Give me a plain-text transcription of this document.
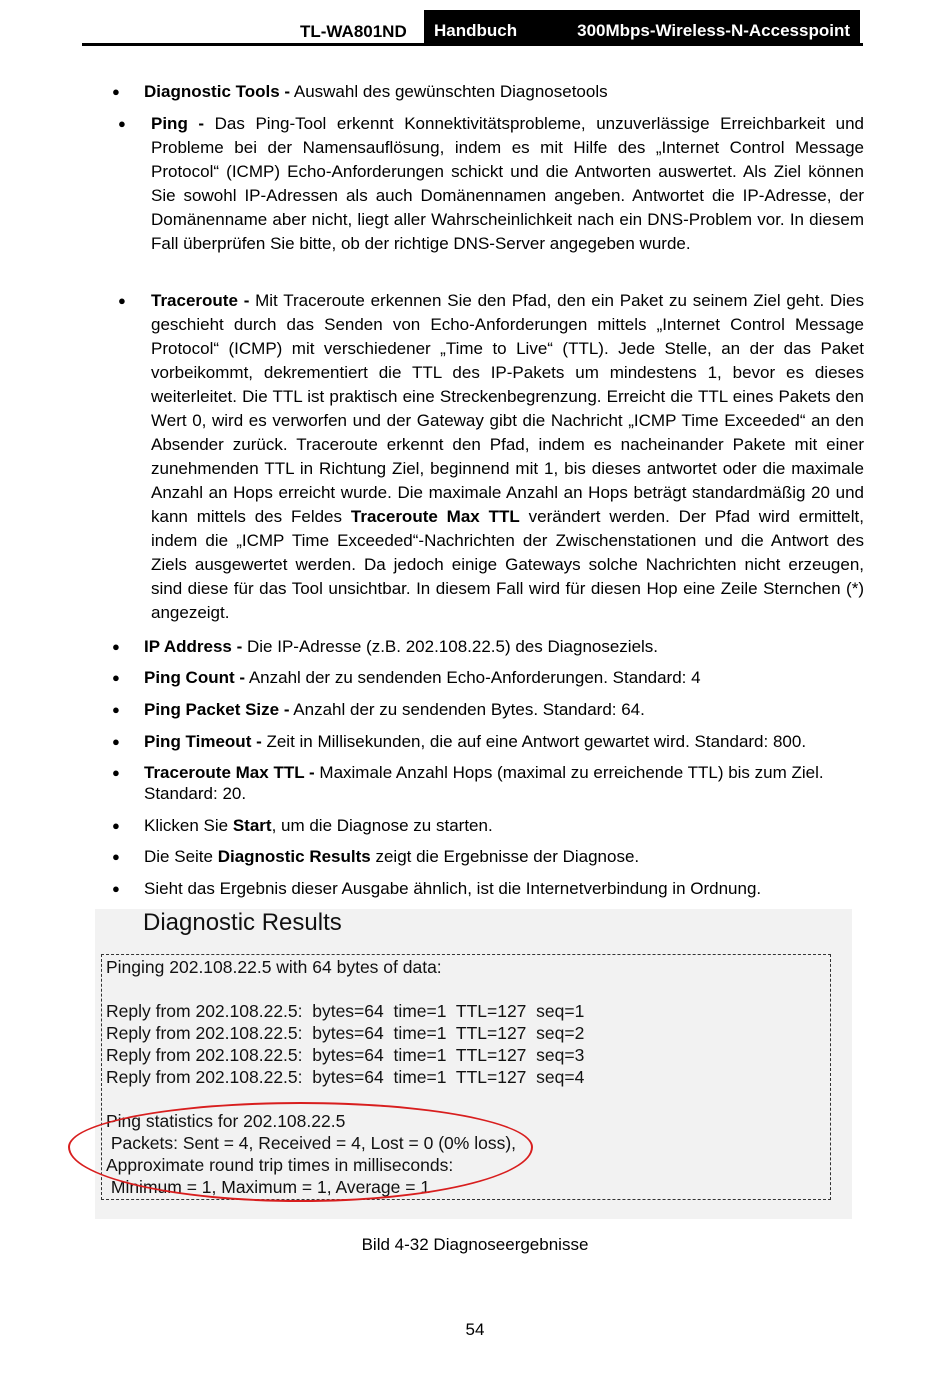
TL-WA801ND Handbuch	300Mbps-Wireless-N-Accesspoint
● Diagnostic Tools - Auswahl des gewünschten Diagnosetools
● Ping - Das Ping-Tool erkennt Konnektivitätsprobleme, unzuverlässige Erreichbarkeit und Probleme bei der Namensauflösung, indem es mit Hilfe des „Internet Control Message Protocol“ (ICMP) Echo-Anforderungen schickt und die Antworten auswertet. Als Ziel können Sie sowohl IP-Adressen als auch Domänennamen angeben. Antwortet die IP-Adresse, der Domänenname aber nicht, liegt aller Wahrscheinlichkeit nach ein DNS-Problem vor. In diesem Fall überprüfen Sie bitte, ob der richtige DNS-Server angegeben wurde.
● Traceroute - Mit Traceroute erkennen Sie den Pfad, den ein Paket zu seinem Ziel geht. Dies geschieht durch das Senden von Echo-Anforderungen mittels „Internet Control Message Protocol“ (ICMP) mit verschiedener „Time to Live“ (TTL). Jede Stelle, an der das Paket vorbeikommt, dekrementiert die TTL des IP-Pakets um mindestens 1, bevor es dieses weiterleitet. Die TTL ist praktisch eine Streckenbegrenzung. Erreicht die TTL eines Pakets den Wert 0, wird es verworfen und der Gateway gibt die Nachricht „ICMP Time Exceeded“ an den Absender zurück. Traceroute erkennt den Pfad, indem es nacheinander Pakete mit einer zunehmenden TTL in Richtung Ziel, beginnend mit 1, bis dieses antwortet oder die maximale Anzahl an Hops erreicht wurde. Die maximale Anzahl an Hops beträgt standardmäßig 20 und kann mittels des Feldes Traceroute Max TTL verändert werden. Der Pfad wird ermittelt, indem die „ICMP Time Exceeded“-Nachrichten der Zwischenstationen und die Antwort des Ziels ausgewertet werden. Da jedoch einige Gateways solche Nachrichten nicht erzeugen, sind diese für das Tool unsichtbar. In diesem Fall wird für diesen Hop eine Zeile Sternchen (*) angezeigt.
● IP Address - Die IP-Adresse (z.B. 202.108.22.5) des Diagnoseziels.
● Ping Count - Anzahl der zu sendenden Echo-Anforderungen. Standard: 4
● Ping Packet Size - Anzahl der zu sendenden Bytes. Standard: 64.
● Ping Timeout - Zeit in Millisekunden, die auf eine Antwort gewartet wird. Standard: 800.
● Traceroute Max TTL - Maximale Anzahl Hops (maximal zu erreichende TTL) bis zum Ziel. Standard: 20.
● Klicken Sie Start, um die Diagnose zu starten.
● Die Seite Diagnostic Results zeigt die Ergebnisse der Diagnose.
● Sieht das Ergebnis dieser Ausgabe ähnlich, ist die Internetverbindung in Ordnung.
Diagnostic Results
Pinging 202.108.22.5 with 64 bytes of data:
Reply from 202.108.22.5:  bytes=64  time=1  TTL=127  seq=1
Reply from 202.108.22.5:  bytes=64  time=1  TTL=127  seq=2
Reply from 202.108.22.5:  bytes=64  time=1  TTL=127  seq=3
Reply from 202.108.22.5:  bytes=64  time=1  TTL=127  seq=4
Ping statistics for 202.108.22.5
Packets: Sent = 4, Received = 4, Lost = 0 (0% loss),
Approximate round trip times in milliseconds:
Minimum = 1, Maximum = 1, Average = 1
Bild 4-32 Diagnoseergebnisse
54
